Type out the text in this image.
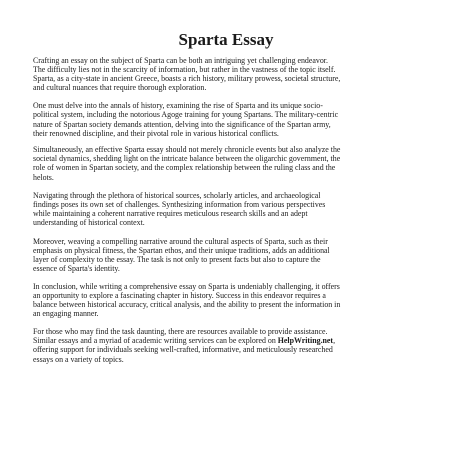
Sparta Essay

Crafting an essay on the subject of Sparta can be both an intriguing yet challenging endeavor.
The difficulty lies not in the scarcity of information, but rather in the vastness of the topic itself.
Sparta, as a city-state in ancient Greece, boasts a rich history, military prowess, societal structure,
and cultural nuances that require thorough exploration.

One must delve into the annals of history, examining the rise of Sparta and its unique socio-
political system, including the notorious Agoge training for young Spartans. The military-centric
nature of Spartan society demands attention, delving into the significance of the Spartan army,
their renowned discipline, and their pivotal role in various historical conflicts.

Simultaneously, an effective Sparta essay should not merely chronicle events but also analyze the
societal dynamics, shedding light on the intricate balance between the oligarchic government, the
role of women in Spartan society, and the complex relationship between the ruling class and the
helots.

Navigating through the plethora of historical sources, scholarly articles, and archaeological
findings poses its own set of challenges. Synthesizing information from various perspectives
while maintaining a coherent narrative requires meticulous research skills and an adept
understanding of historical context.

Moreover, weaving a compelling narrative around the cultural aspects of Sparta, such as their
emphasis on physical fitness, the Spartan ethos, and their unique traditions, adds an additional
layer of complexity to the essay. The task is not only to present facts but also to capture the
essence of Sparta's identity.

In conclusion, while writing a comprehensive essay on Sparta is undeniably challenging, it offers
an opportunity to explore a fascinating chapter in history. Success in this endeavor requires a
balance between historical accuracy, critical analysis, and the ability to present the information in
an engaging manner.

For those who may find the task daunting, there are resources available to provide assistance.
Similar essays and a myriad of academic writing services can be explored on HelpWriting.net,
offering support for individuals seeking well-crafted, informative, and meticulously researched
essays on a variety of topics.
